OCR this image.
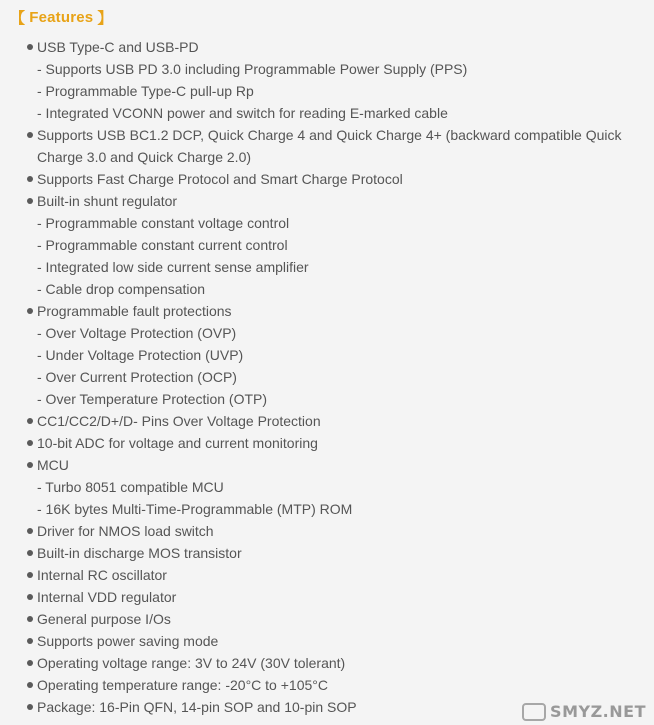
【 Features 】
USB Type-C and USB-PD
- Supports USB PD 3.0 including Programmable Power Supply (PPS)
- Programmable Type-C pull-up Rp
- Integrated VCONN power and switch for reading E-marked cable
Supports USB BC1.2 DCP, Quick Charge 4 and Quick Charge 4+ (backward compatible Quick Charge 3.0 and Quick Charge 2.0)
Supports Fast Charge Protocol and Smart Charge Protocol
Built-in shunt regulator
- Programmable constant voltage control
- Programmable constant current control
- Integrated low side current sense amplifier
- Cable drop compensation
Programmable fault protections
- Over Voltage Protection (OVP)
- Under Voltage Protection (UVP)
- Over Current Protection (OCP)
- Over Temperature Protection (OTP)
CC1/CC2/D+/D- Pins Over Voltage Protection
10-bit ADC for voltage and current monitoring
MCU
- Turbo 8051 compatible MCU
- 16K bytes Multi-Time-Programmable (MTP) ROM
Driver for NMOS load switch
Built-in discharge MOS transistor
Internal RC oscillator
Internal VDD regulator
General purpose I/Os
Supports power saving mode
Operating voltage range: 3V to 24V (30V tolerant)
Operating temperature range: -20°C to +105°C
Package: 16-Pin QFN, 14-pin SOP and 10-pin SOP	SMYZ.NET
